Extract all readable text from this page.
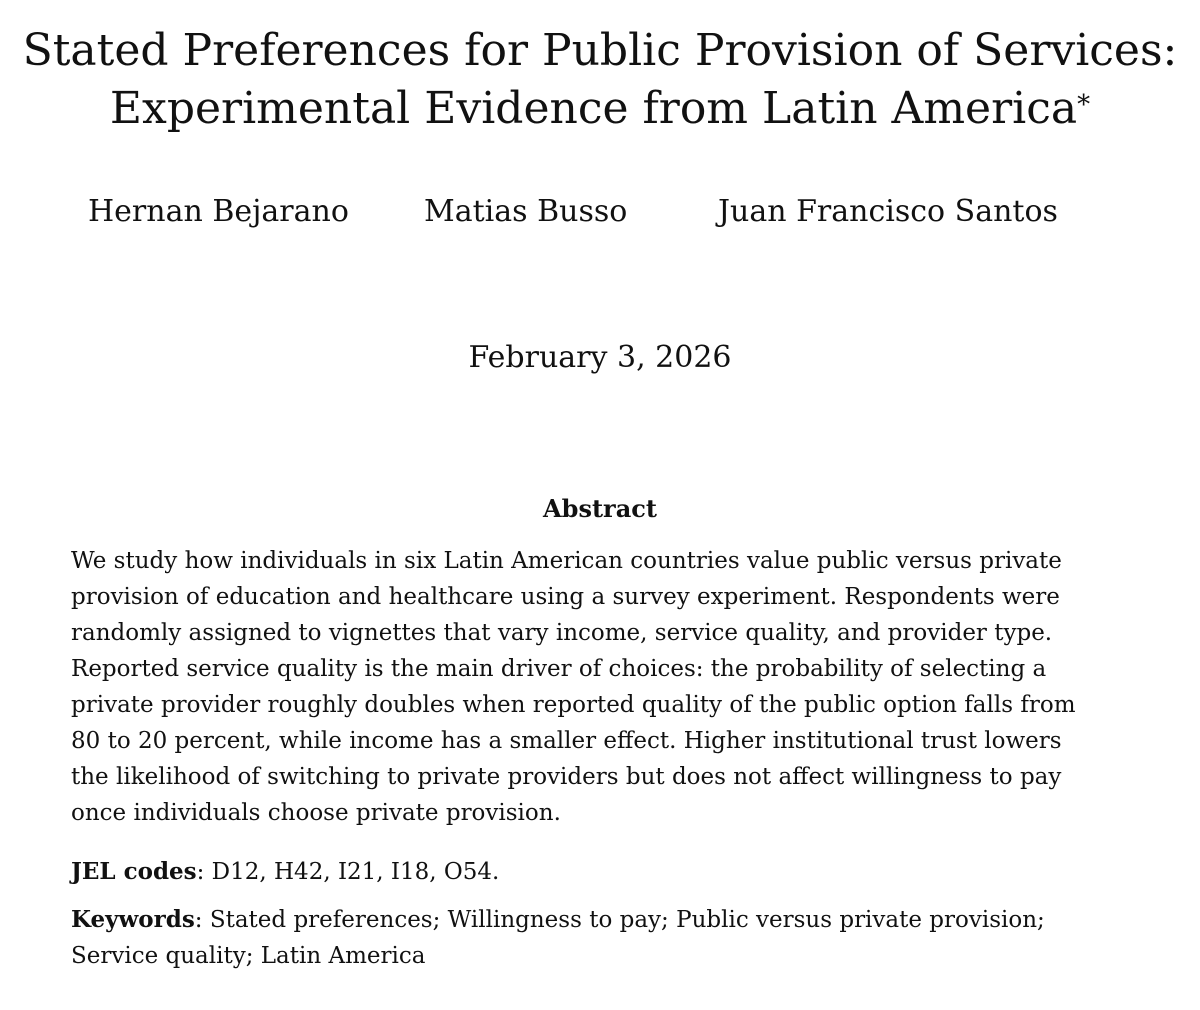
Stated Preferences for Public Provision of Services:
Experimental Evidence from Latin America*
Hernan Bejarano	Matias Busso	Juan Francisco Santos
February 3, 2026
Abstract

We study how individuals in six Latin American countries value public versus private
provision of education and healthcare using a survey experiment. Respondents were
randomly assigned to vignettes that vary income, service quality, and provider type.
Reported service quality is the main driver of choices: the probability of selecting a
private provider roughly doubles when reported quality of the public option falls from
80 to 20 percent, while income has a smaller effect. Higher institutional trust lowers
the likelihood of switching to private providers but does not affect willingness to pay
once individuals choose private provision.

JEL codes: D12, H42, I21, I18, O54.

Keywords: Stated preferences; Willingness to pay; Public versus private provision;
Service quality; Latin America
